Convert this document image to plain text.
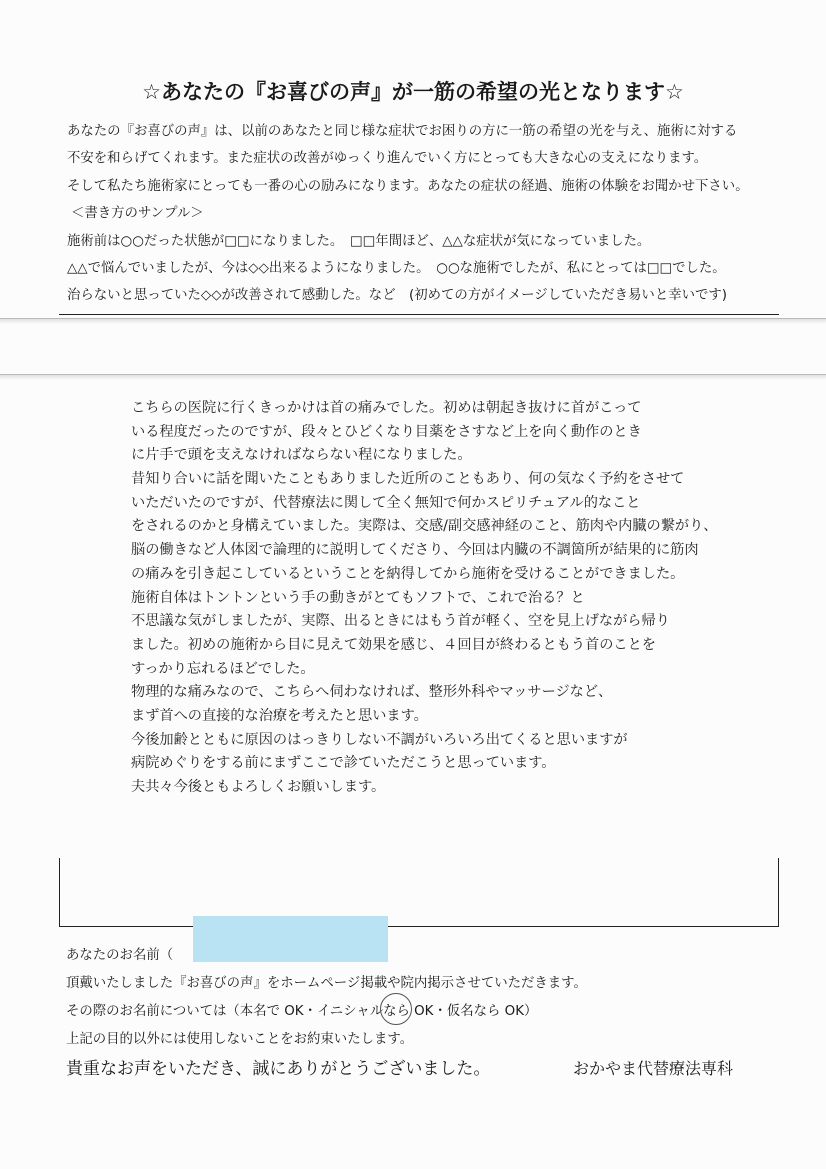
☆あなたの『お喜びの声』が一筋の希望の光となります☆
あなたの『お喜びの声』は、以前のあなたと同じ様な症状でお困りの方に一筋の希望の光を与え、施術に対する
不安を和らげてくれます。また症状の改善がゆっくり進んでいく方にとっても大きな心の支えになります。
そして私たち施術家にとっても一番の心の励みになります。あなたの症状の経過、施術の体験をお聞かせ下さい。
＜書き方のサンプル＞
施術前は○○だった状態が□□になりました。　□□年間ほど、△△な症状が気になっていました。
△△で悩んでいましたが、今は◇◇出来るようになりました。　○○な施術でしたが、私にとっては□□でした。
治らないと思っていた◇◇が改善されて感動した。など　(初めての方がイメージしていただき易いと幸いです)
こちらの医院に行くきっかけは首の痛みでした。初めは朝起き抜けに首がこって
いる程度だったのですが、段々とひどくなり目薬をさすなど上を向く動作のとき
に片手で頭を支えなければならない程になりました。
昔知り合いに話を聞いたこともありました近所のこともあり、何の気なく予約をさせて
いただいたのですが、代替療法に関して全く無知で何かスピリチュアル的なこと
をされるのかと身構えていました。実際は、交感/副交感神経のこと、筋肉や内臓の繋がり、
脳の働きなど人体図で論理的に説明してくださり、今回は内臓の不調箇所が結果的に筋肉
の痛みを引き起こしているということを納得してから施術を受けることができました。
施術自体はトントンという手の動きがとてもソフトで、これで治る？と
不思議な気がしましたが、実際、出るときにはもう首が軽く、空を見上げながら帰り
ました。初めの施術から目に見えて効果を感じ、４回目が終わるともう首のことを
すっかり忘れるほどでした。
物理的な痛みなので、こちらへ伺わなければ、整形外科やマッサージなど、
まず首への直接的な治療を考えたと思います。
今後加齢とともに原因のはっきりしない不調がいろいろ出てくると思いますが
病院めぐりをする前にまずここで診ていただこうと思っています。
夫共々今後ともよろしくお願いします。
あなたのお名前（
頂戴いたしました『お喜びの声』をホームページ掲載や院内掲示させていただきます。
その際のお名前については（本名で OK・イニシャルなら OK・仮名なら OK）
上記の目的以外には使用しないことをお約束いたします。
貴重なお声をいただき、誠にありがとうございました。	おかやま代替療法専科
